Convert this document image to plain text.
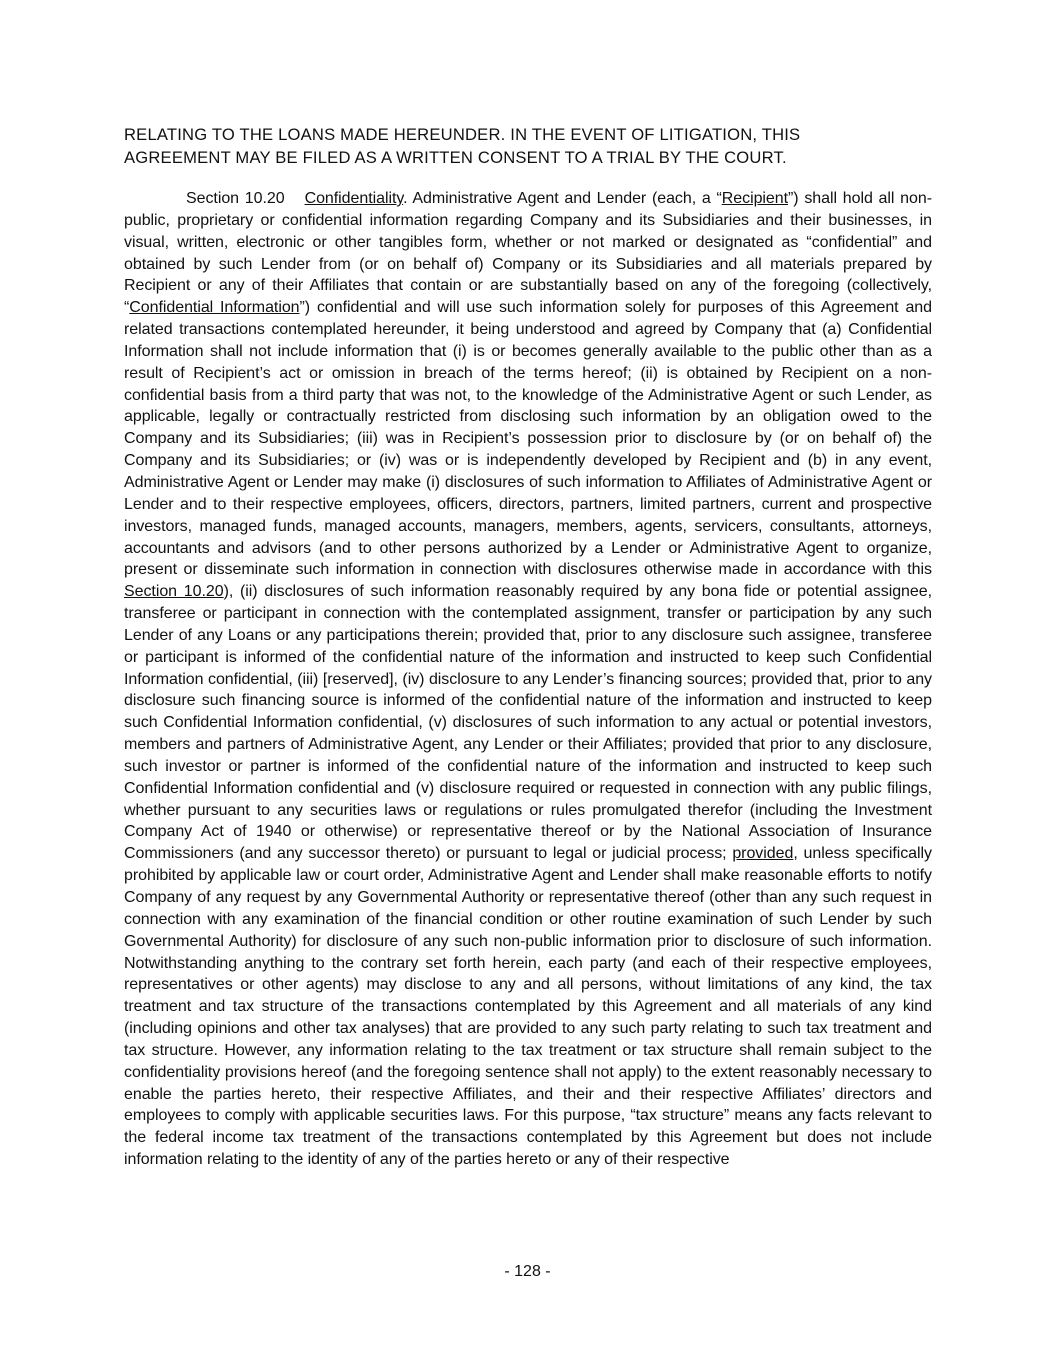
RELATING TO THE LOANS MADE HEREUNDER. IN THE EVENT OF LITIGATION, THIS
AGREEMENT MAY BE FILED AS A WRITTEN CONSENT TO A TRIAL BY THE COURT.

Section 10.20 Confidentiality. Administrative Agent and Lender (each, a “Recipient”) shall hold all non-public, proprietary or confidential information regarding Company and its Subsidiaries and their businesses, in visual, written, electronic or other tangibles form, whether or not marked or designated as “confidential” and obtained by such Lender from (or on behalf of) Company or its Subsidiaries and all materials prepared by Recipient or any of their Affiliates that contain or are substantially based on any of the foregoing (collectively, “Confidential Information”) confidential and will use such information solely for purposes of this Agreement and related transactions contemplated hereunder, it being understood and agreed by Company that (a) Confidential Information shall not include information that (i) is or becomes generally available to the public other than as a result of Recipient’s act or omission in breach of the terms hereof; (ii) is obtained by Recipient on a non-confidential basis from a third party that was not, to the knowledge of the Administrative Agent or such Lender, as applicable, legally or contractually restricted from disclosing such information by an obligation owed to the Company and its Subsidiaries; (iii) was in Recipient’s possession prior to disclosure by (or on behalf of) the Company and its Subsidiaries; or (iv) was or is independently developed by Recipient and (b) in any event, Administrative Agent or Lender may make (i) disclosures of such information to Affiliates of Administrative Agent or Lender and to their respective employees, officers, directors, partners, limited partners, current and prospective investors, managed funds, managed accounts, managers, members, agents, servicers, consultants, attorneys, accountants and advisors (and to other persons authorized by a Lender or Administrative Agent to organize, present or disseminate such information in connection with disclosures otherwise made in accordance with this Section 10.20), (ii) disclosures of such information reasonably required by any bona fide or potential assignee, transferee or participant in connection with the contemplated assignment, transfer or participation by any such Lender of any Loans or any participations therein; provided that, prior to any disclosure such assignee, transferee or participant is informed of the confidential nature of the information and instructed to keep such Confidential Information confidential, (iii) [reserved], (iv) disclosure to any Lender’s financing sources; provided that, prior to any disclosure such financing source is informed of the confidential nature of the information and instructed to keep such Confidential Information confidential, (v) disclosures of such information to any actual or potential investors, members and partners of Administrative Agent, any Lender or their Affiliates; provided that prior to any disclosure, such investor or partner is informed of the confidential nature of the information and instructed to keep such Confidential Information confidential and (v) disclosure required or requested in connection with any public filings, whether pursuant to any securities laws or regulations or rules promulgated therefor (including the Investment Company Act of 1940 or otherwise) or representative thereof or by the National Association of Insurance Commissioners (and any successor thereto) or pursuant to legal or judicial process; provided, unless specifically prohibited by applicable law or court order, Administrative Agent and Lender shall make reasonable efforts to notify Company of any request by any Governmental Authority or representative thereof (other than any such request in connection with any examination of the financial condition or other routine examination of such Lender by such Governmental Authority) for disclosure of any such non-public information prior to disclosure of such information. Notwithstanding anything to the contrary set forth herein, each party (and each of their respective employees, representatives or other agents) may disclose to any and all persons, without limitations of any kind, the tax treatment and tax structure of the transactions contemplated by this Agreement and all materials of any kind (including opinions and other tax analyses) that are provided to any such party relating to such tax treatment and tax structure. However, any information relating to the tax treatment or tax structure shall remain subject to the confidentiality provisions hereof (and the foregoing sentence shall not apply) to the extent reasonably necessary to enable the parties hereto, their respective Affiliates, and their and their respective Affiliates’ directors and employees to comply with applicable securities laws. For this purpose, “tax structure” means any facts relevant to the federal income tax treatment of the transactions contemplated by this Agreement but does not include information relating to the identity of any of the parties hereto or any of their respective

- 128 -
